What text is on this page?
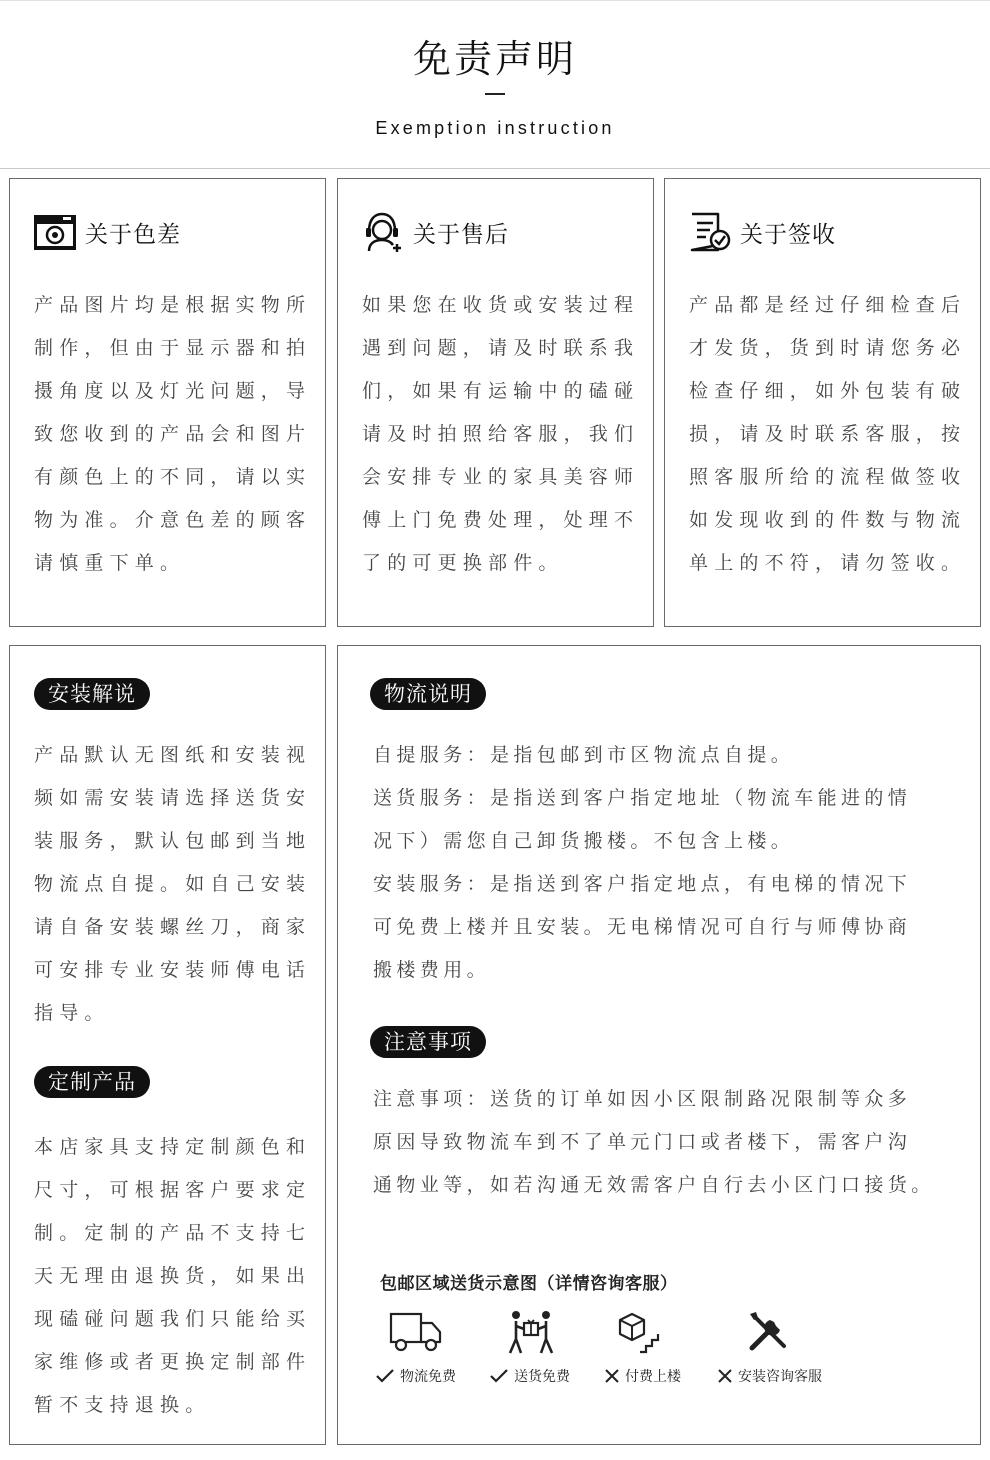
免责声明
Exemption instruction
关于色差
产品图片均是根据实物所
制作，但由于显示器和拍
摄角度以及灯光问题，导
致您收到的产品会和图片
有颜色上的不同，请以实
物为准。介意色差的顾客
请慎重下单。
关于售后
如果您在收货或安装过程
遇到问题，请及时联系我
们，如果有运输中的磕碰
请及时拍照给客服，我们
会安排专业的家具美容师
傅上门免费处理，处理不
了的可更换部件。
关于签收
产品都是经过仔细检查后
才发货，货到时请您务必
检查仔细，如外包装有破
损，请及时联系客服，按
照客服所给的流程做签收
如发现收到的件数与物流
单上的不符，请勿签收。
安装解说
产品默认无图纸和安装视
频如需安装请选择送货安
装服务，默认包邮到当地
物流点自提。如自己安装
请自备安装螺丝刀，商家
可安排专业安装师傅电话
指导。
定制产品
本店家具支持定制颜色和
尺寸，可根据客户要求定
制。定制的产品不支持七
天无理由退换货，如果出
现磕碰问题我们只能给买
家维修或者更换定制部件
暂不支持退换。
物流说明
自提服务：是指包邮到市区物流点自提。
送货服务：是指送到客户指定地址（物流车能进的情
况下）需您自己卸货搬楼。不包含上楼。
安装服务：是指送到客户指定地点，有电梯的情况下
可免费上楼并且安装。无电梯情况可自行与师傅协商
搬楼费用。
注意事项
注意事项：送货的订单如因小区限制路况限制等众多
原因导致物流车到不了单元门口或者楼下，需客户沟
通物业等，如若沟通无效需客户自行去小区门口接货。
包邮区域送货示意图（详情咨询客服）
物流免费	送货免费	付费上楼	安装咨询客服
